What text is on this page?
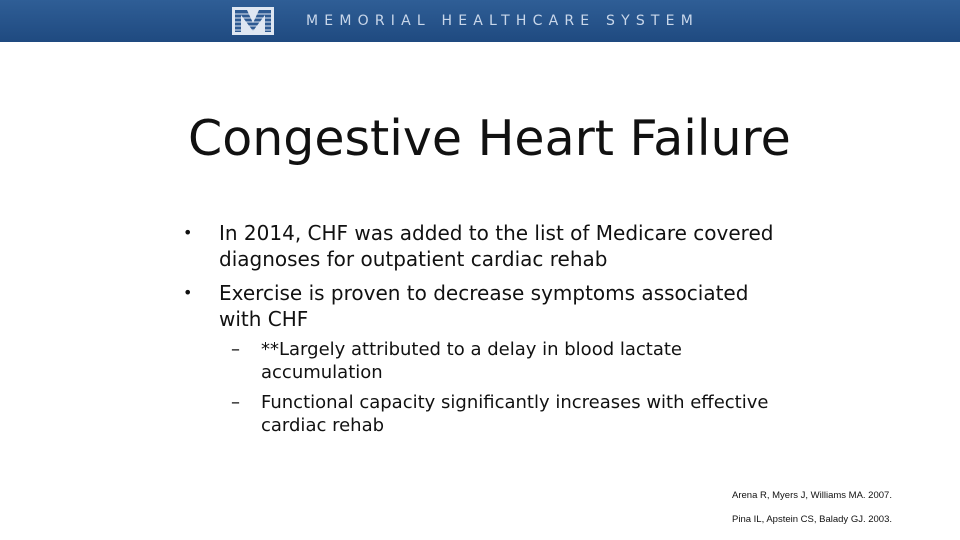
MEMORIAL HEALTHCARE SYSTEM
Congestive Heart Failure
• In 2014, CHF was added to the list of Medicare covered diagnoses for outpatient cardiac rehab
• Exercise is proven to decrease symptoms associated with CHF
– **Largely attributed to a delay in blood lactate accumulation
– Functional capacity significantly increases with effective cardiac rehab
Arena R, Myers J, Williams MA. 2007.
Pina IL, Apstein CS, Balady GJ. 2003.
